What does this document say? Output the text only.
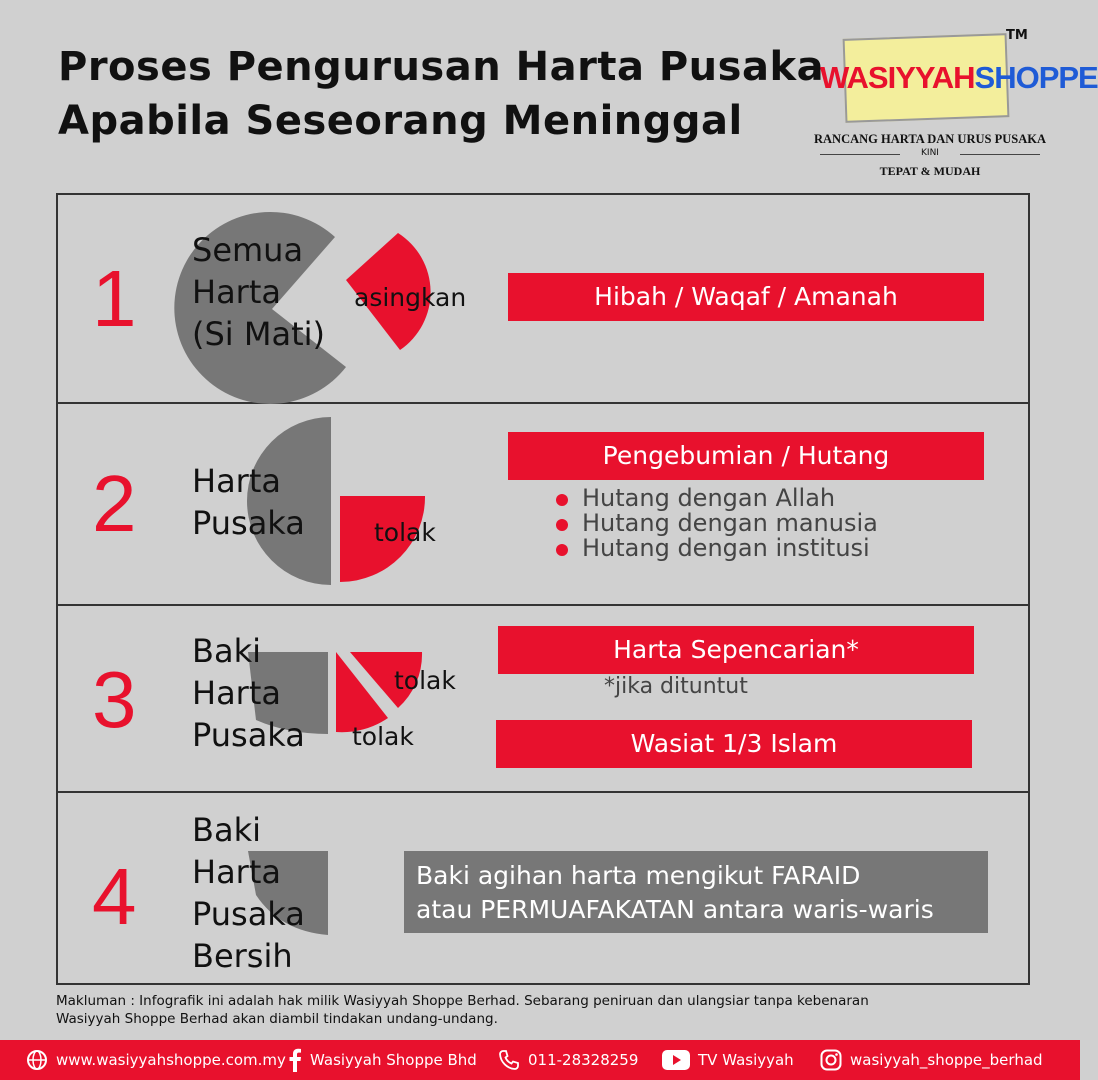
Proses Pengurusan Harta Pusaka
Apabila Seseorang Meninggal
WASIYYAHSHOPPE
TM
RANCANG HARTA DAN URUS PUSAKA
KINI
TEPAT & MUDAH
1
Semua
Harta
(Si Mati)
asingkan	Hibah / Waqaf / Amanah
2 Harta
Pusaka	tolak
Pengebumian / Hutang
Hutang dengan Allah
Hutang dengan manusia
Hutang dengan institusi
3
Baki
Harta
Pusaka
tolak
tolak
Harta Sepencarian*
*jika dituntut
Wasiat 1/3 Islam
4
Baki
Harta
Pusaka
Bersih
Baki agihan harta mengikut FARAID
atau PERMUAFAKATAN antara waris-waris
Makluman : Infografik ini adalah hak milik Wasiyyah Shoppe Berhad. Sebarang peniruan dan ulangsiar tanpa kebenaran
Wasiyyah Shoppe Berhad akan diambil tindakan undang-undang.
www.wasiyyahshoppe.com.my Wasiyyah Shoppe Bhd	011-28328259	TV Wasiyyah	wasiyyah_shoppe_berhad
